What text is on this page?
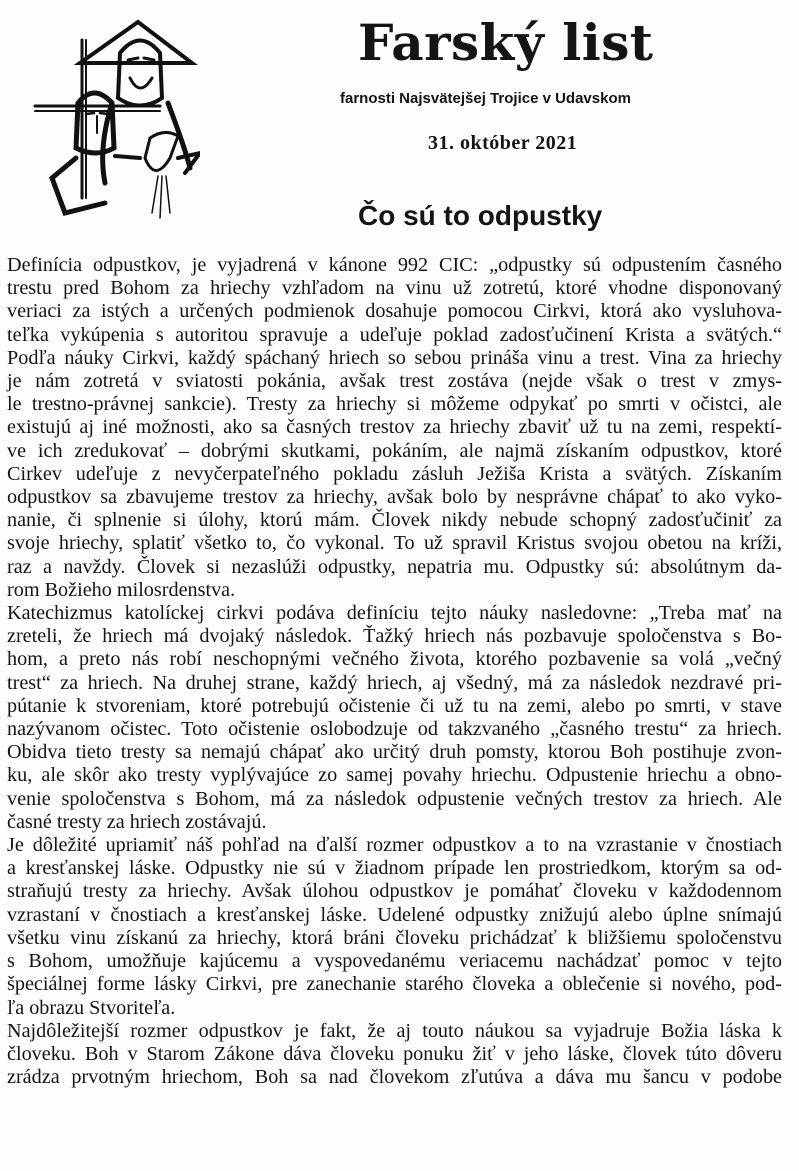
Farský list
farnosti Najsvätejšej Trojice v Udavskom
31. október 2021
Čo sú to odpustky
Definícia odpustkov, je vyjadrená v kánone 992 CIC: „odpustky sú odpustením časného
trestu pred Bohom za hriechy vzhľadom na vinu už zotretú, ktoré vhodne disponovaný
veriaci za istých a určených podmienok dosahuje pomocou Cirkvi, ktorá ako vysluhova-
teľka vykúpenia s autoritou spravuje a udeľuje poklad zadosťučinení Krista a svätých.“
Podľa náuky Cirkvi, každý spáchaný hriech so sebou prináša vinu a trest. Vina za hriechy
je nám zotretá v sviatosti pokánia, avšak trest zostáva (nejde však o trest v zmys-
le trestno-právnej sankcie). Tresty za hriechy si môžeme odpykať po smrti v očistci, ale
existujú aj iné možnosti, ako sa časných trestov za hriechy zbaviť už tu na zemi, respektí-
ve ich zredukovať – dobrými skutkami, pokáním, ale najmä získaním odpustkov, ktoré
Cirkev udeľuje z nevyčerpateľného pokladu zásluh Ježiša Krista a svätých. Získaním
odpustkov sa zbavujeme trestov za hriechy, avšak bolo by nesprávne chápať to ako vyko-
nanie, či splnenie si úlohy, ktorú mám. Človek nikdy nebude schopný zadosťučiniť za
svoje hriechy, splatiť všetko to, čo vykonal. To už spravil Kristus svojou obetou na kríži,
raz a navždy. Človek si nezaslúži odpustky, nepatria mu. Odpustky sú: absolútnym da-
rom Božieho milosrdenstva.
Katechizmus katolíckej cirkvi podáva definíciu tejto náuky nasledovne: „Treba mať na
zreteli, že hriech má dvojaký následok. Ťažký hriech nás pozbavuje spoločenstva s Bo-
hom, a preto nás robí neschopnými večného života, ktorého pozbavenie sa volá „večný
trest“ za hriech. Na druhej strane, každý hriech, aj všedný, má za následok nezdravé pri-
pútanie k stvoreniam, ktoré potrebujú očistenie či už tu na zemi, alebo po smrti, v stave
nazývanom očistec. Toto očistenie oslobodzuje od takzvaného „časného trestu“ za hriech.
Obidva tieto tresty sa nemajú chápať ako určitý druh pomsty, ktorou Boh postihuje zvon-
ku, ale skôr ako tresty vyplývajúce zo samej povahy hriechu. Odpustenie hriechu a obno-
venie spoločenstva s Bohom, má za následok odpustenie večných trestov za hriech. Ale
časné tresty za hriech zostávajú.
Je dôležité upriamiť náš pohľad na ďalší rozmer odpustkov a to na vzrastanie v čnostiach
a kresťanskej láske. Odpustky nie sú v žiadnom prípade len prostriedkom, ktorým sa od-
straňujú tresty za hriechy. Avšak úlohou odpustkov je pomáhať človeku v každodennom
vzrastaní v čnostiach a kresťanskej láske. Udelené odpustky znižujú alebo úplne snímajú
všetku vinu získanú za hriechy, ktorá bráni človeku prichádzať k bližšiemu spoločenstvu
s Bohom, umožňuje kajúcemu a vyspovedanému veriacemu nachádzať pomoc v tejto
špeciálnej forme lásky Cirkvi, pre zanechanie starého človeka a oblečenie si nového, pod-
ľa obrazu Stvoriteľa.
Najdôležitejší rozmer odpustkov je fakt, že aj touto náukou sa vyjadruje Božia láska k
človeku. Boh v Starom Zákone dáva človeku ponuku žiť v jeho láske, človek túto dôveru
zrádza prvotným hriechom, Boh sa nad človekom zľutúva a dáva mu šancu v podobe
